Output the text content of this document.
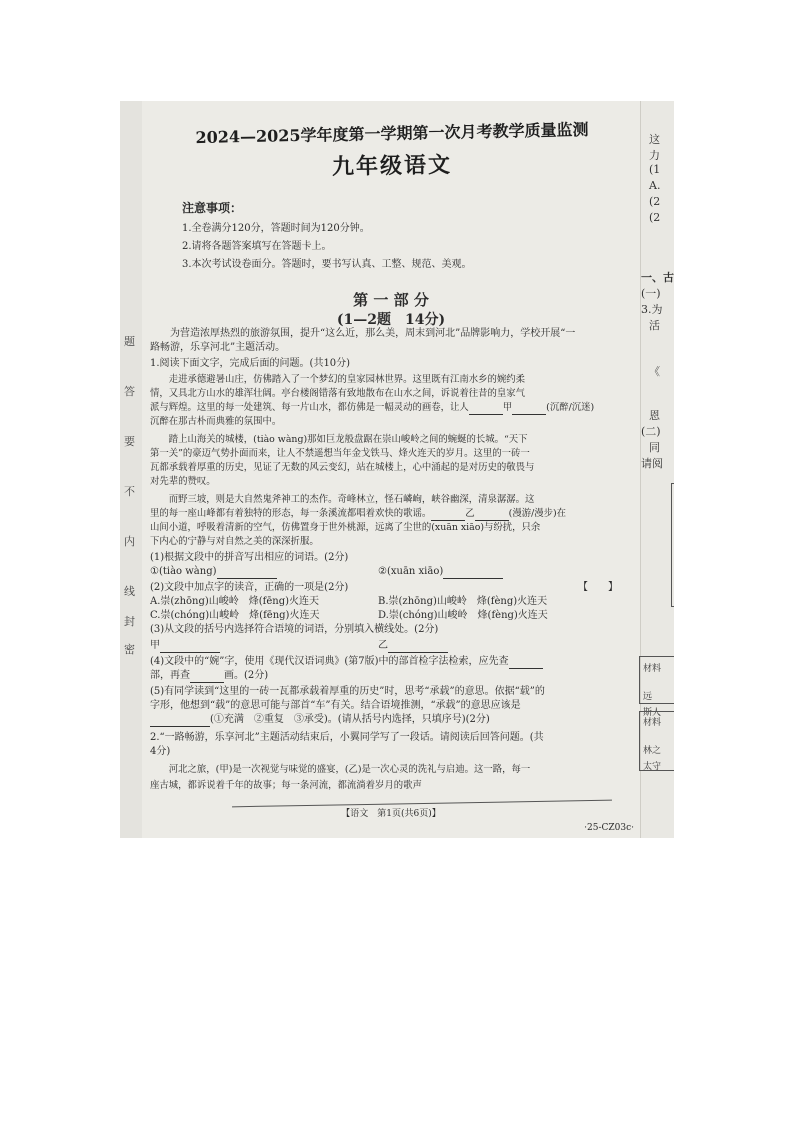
题
答
要
不
内
线
封
密
2024—2025学年度第一学期第一次月考教学质量监测
九年级语文
注意事项：
1.全卷满分120分，答题时间为120分钟。
2.请将各题答案填写在答题卡上。
3.本次考试设卷面分。答题时，要书写认真、工整、规范、美观。
第 一 部 分
(1—2题　14分)
为营造浓厚热烈的旅游氛围，提升“这么近，那么美，周末到河北”品牌影响力，学校开展“一
路畅游，乐享河北”主题活动。
1.阅读下面文字，完成后面的问题。(共10分)
走进承德避暑山庄，仿佛踏入了一个梦幻的皇家园林世界。这里既有江南水乡的婉约柔
情，又具北方山水的雄浑壮阔。亭台楼阁错落有致地散布在山水之间，诉说着往昔的皇家气
派与辉煌。这里的每一处建筑、每一片山水，都仿佛是一幅灵动的画卷，让人	甲	(沉醉/沉迷)
沉醉在那古朴而典雅的氛围中。
踏上山海关的城楼，(tiào wàng)那如巨龙般盘踞在崇山峻岭之间的蜿蜒的长城。“天下
第一关”的豪迈气势扑面而来，让人不禁遥想当年金戈铁马、烽火连天的岁月。这里的一砖一
瓦都承载着厚重的历史，见证了无数的风云变幻，站在城楼上，心中涌起的是对历史的敬畏与
对先辈的赞叹。
而野三坡，则是大自然鬼斧神工的杰作。奇峰林立，怪石嶙峋，峡谷幽深，清泉潺潺。这
里的每一座山峰都有着独特的形态，每一条溪流都唱着欢快的歌谣。	乙	(漫游/漫步)在
山间小道，呼吸着清新的空气，仿佛置身于世外桃源，远离了尘世的(xuān xiāo)与纷扰，只余
下内心的宁静与对自然之美的深深折服。
(1)根据文段中的拼音写出相应的词语。(2分)
①(tiào wàng)	②(xuān xiāo)
(2)文段中加点字的读音，正确的一项是(2分)	【　　】
A.崇(zhōng)山峻岭　烽(fēng)火连天	B.崇(zhōng)山峻岭　烽(fèng)火连天
C.崇(chóng)山峻岭　烽(fēng)火连天	D.崇(chóng)山峻岭　烽(fèng)火连天
(3)从文段的括号内选择符合语境的词语，分别填入横线处。(2分)
甲	乙
(4)文段中的“婉”字，使用《现代汉语词典》(第7版)中的部首检字法检索，应先查
部，再查	画。(2分)
(5)有同学读到“这里的一砖一瓦都承载着厚重的历史”时，思考“承载”的意思。依据“载”的
字形，他想到“载”的意思可能与部首“车”有关。结合语境推测，“承载”的意思应该是
(①充满　②重复　③承受)。(请从括号内选择，只填序号)(2分)
2.“一路畅游，乐享河北”主题活动结束后，小翼同学写了一段话。请阅读后回答问题。(共
4分)
河北之旅，(甲)是一次视觉与味觉的盛宴，(乙)是一次心灵的洗礼与启迪。这一路，每一
座古城，都诉说着千年的故事；每一条河流，都流淌着岁月的歌声
【语文　第1页(共6页)】
·25-CZ03c·
这
力
(1
A.
(2
(2
一、古
(一)
3.为
活
《
恩
(二)
同
请阅
材料
远
斯人
材料
林之
太守
